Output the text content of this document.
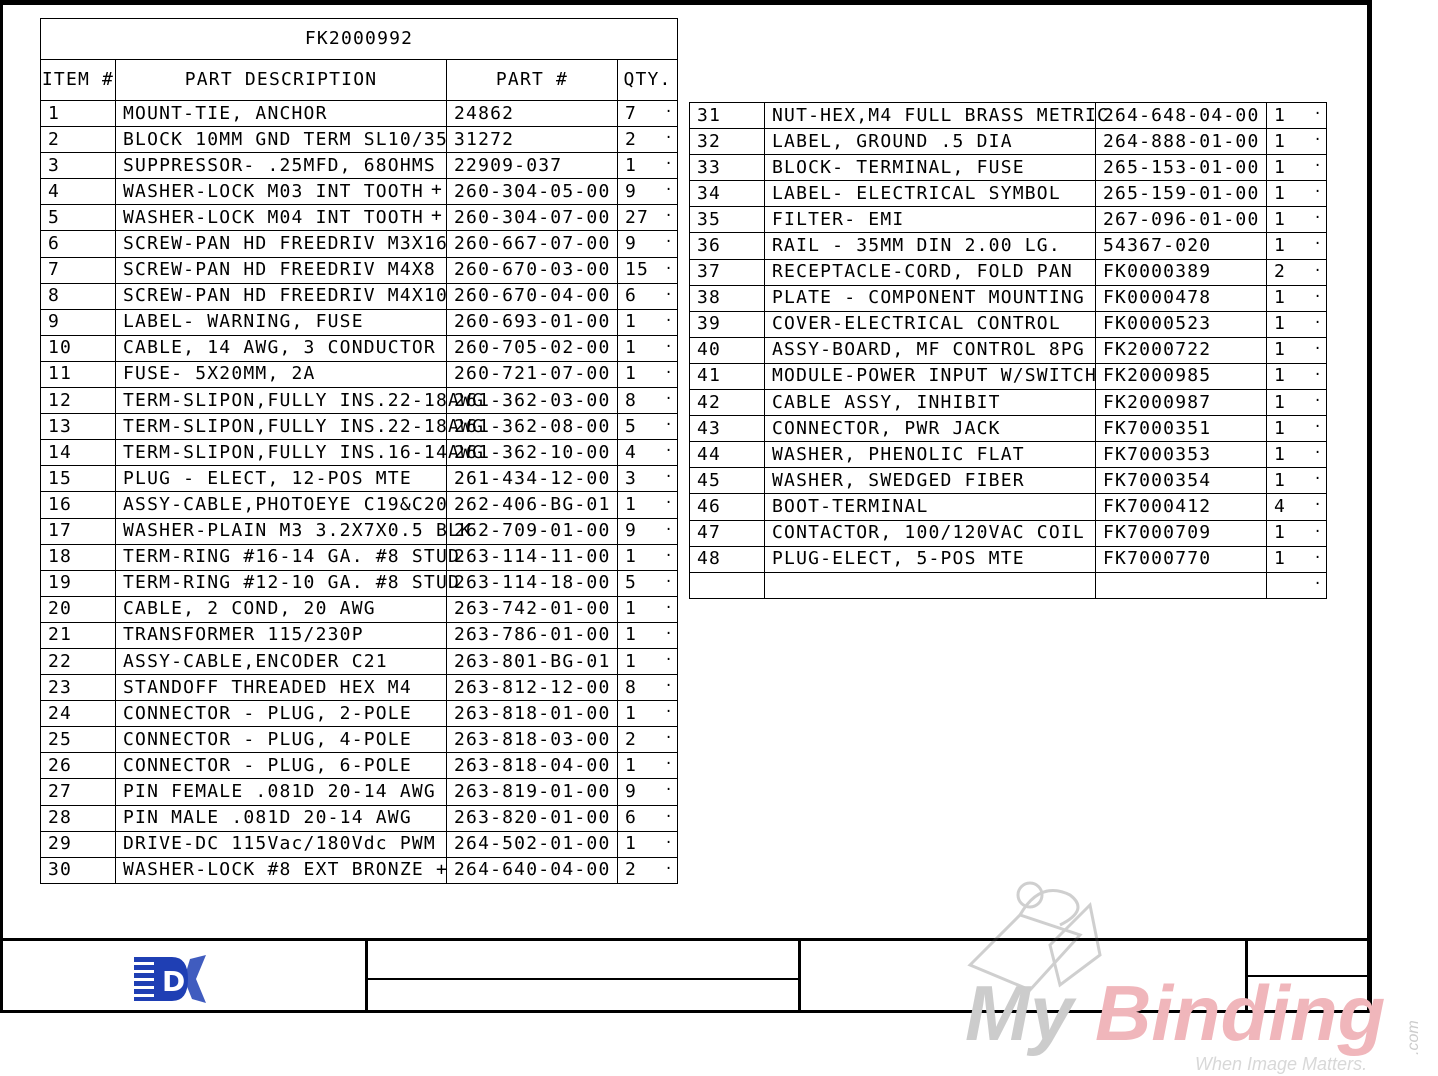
FK2000992			
ITEM #	PART DESCRIPTION	PART #	QTY.
1	MOUNT-TIE, ANCHOR	24862	7 ·
2	BLOCK 10MM GND TERM SL10/35	31272	2 ·
3	SUPPRESSOR- .25MFD, 68OHMS	22909-037	1 ·
4	WASHER-LOCK M03 INT TOOTH +	260-304-05-00	9 ·
5	WASHER-LOCK M04 INT TOOTH +	260-304-07-00	27 ·
6	SCREW-PAN HD FREEDRIV M3X16	260-667-07-00	9 ·
7	SCREW-PAN HD FREEDRIV M4X8	260-670-03-00	15 ·
8	SCREW-PAN HD FREEDRIV M4X10	260-670-04-00	6 ·
9	LABEL- WARNING, FUSE	260-693-01-00	1 ·
10	CABLE, 14 AWG, 3 CONDUCTOR	260-705-02-00	1 ·
11	FUSE- 5X20MM, 2A	260-721-07-00	1 ·
12	TERM-SLIPON,FULLY INS.22-18AWG	261-362-03-00	8 ·
13	TERM-SLIPON,FULLY INS.22-18AWG	261-362-08-00	5 ·
14	TERM-SLIPON,FULLY INS.16-14AWG	261-362-10-00	4 ·
15	PLUG - ELECT, 12-POS MTE	261-434-12-00	3 ·
16	ASSY-CABLE,PHOTOEYE C19&C20	262-406-BG-01	1 ·
17	WASHER-PLAIN M3 3.2X7X0.5 BLK	262-709-01-00	9 ·
18	TERM-RING #16-14 GA. #8 STUD	263-114-11-00	1 ·
19	TERM-RING #12-10 GA. #8 STUD	263-114-18-00	5 ·
20	CABLE, 2 COND, 20 AWG	263-742-01-00	1 ·
21	TRANSFORMER 115/230P	263-786-01-00	1 ·
22	ASSY-CABLE,ENCODER C21	263-801-BG-01	1 ·
23	STANDOFF THREADED HEX M4	263-812-12-00	8 ·
24	CONNECTOR - PLUG, 2-POLE	263-818-01-00	1 ·
25	CONNECTOR - PLUG, 4-POLE	263-818-03-00	2 ·
26	CONNECTOR - PLUG, 6-POLE	263-818-04-00	1 ·
27	PIN FEMALE .081D 20-14 AWG	263-819-01-00	9 ·
28	PIN MALE .081D 20-14 AWG	263-820-01-00	6 ·
29	DRIVE-DC 115Vac/180Vdc PWM	264-502-01-00	1 ·
30	WASHER-LOCK #8 EXT BRONZE +	264-640-04-00	2 ·
31	NUT-HEX,M4 FULL BRASS METRIC	264-648-04-00	1 ·
32	LABEL, GROUND .5 DIA	264-888-01-00	1 ·
33	BLOCK- TERMINAL, FUSE	265-153-01-00	1 ·
34	LABEL- ELECTRICAL SYMBOL	265-159-01-00	1 ·
35	FILTER- EMI	267-096-01-00	1 ·
36	RAIL - 35MM DIN 2.00 LG.	54367-020	1 ·
37	RECEPTACLE-CORD, FOLD PAN	FK0000389	2 ·
38	PLATE - COMPONENT MOUNTING	FK0000478	1 ·
39	COVER-ELECTRICAL CONTROL	FK0000523	1 ·
40	ASSY-BOARD, MF CONTROL 8PG	FK2000722	1 ·
41	MODULE-POWER INPUT W/SWITCH	FK2000985	1 ·
42	CABLE ASSY, INHIBIT	FK2000987	1 ·
43	CONNECTOR, PWR JACK	FK7000351	1 ·
44	WASHER, PHENOLIC FLAT	FK7000353	1 ·
45	WASHER, SWEDGED FIBER	FK7000354	1 ·
46	BOOT-TERMINAL	FK7000412	4 ·
47	CONTACTOR, 100/120VAC COIL	FK7000709	1 ·
48	PLUG-ELECT, 5-POS MTE	FK7000770	1 ·
			·
D	My Binding .com
When Image Matters.
